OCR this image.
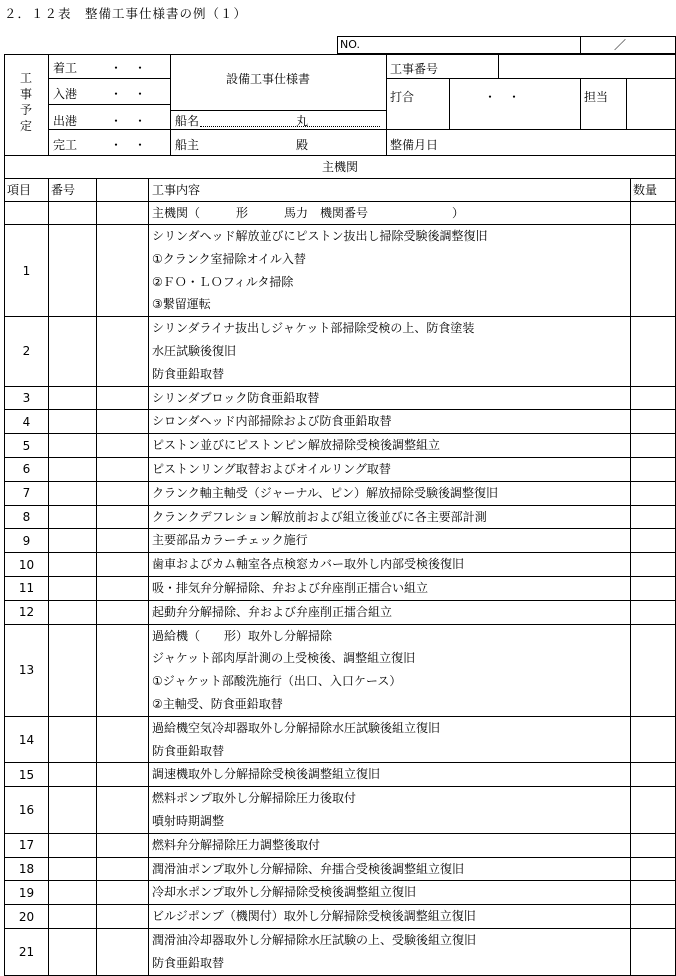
２．１２表　整備工事仕様書の例（１）
NO.	／
工事予定
着工	・　・
入港	・　・
出港	・　・
完工	・　・
設備工事仕様書
船名	丸
船主	殿
工事番号
打合	・　・	担当
整備月日
主機関				
項目	番号		工事内容	数量
			主機関（　　　形　　　馬力　機関番号　　　　　　　）	
1			シリンダヘッド解放並びにピストン抜出し掃除受験後調整復旧
①クランク室掃除オイル入替
②ＦＯ・ＬＯフィルタ掃除
③繋留運転	

2			シリンダライナ抜出しジャケット部掃除受検の上、防食塗装
水圧試験後復旧
防食亜鉛取替	

3			シリンダブロック防食亜鉛取替	

4			シロンダヘッド内部掃除および防食亜鉛取替	

5			ピストン並びにピストンピン解放掃除受検後調整組立	

6			ピストンリング取替およびオイルリング取替	

7			クランク軸主軸受（ジャーナル、ピン）解放掃除受験後調整復旧	

8			クランクデフレション解放前および組立後並びに各主要部計測	

9			主要部品カラーチェック施行	

10			歯車およびカム軸室各点検窓カバー取外し内部受検後復旧	

11			吸・排気弁分解掃除、弁および弁座削正擂合い組立	

12			起動弁分解掃除、弁および弁座削正擂合組立	

13			過給機（　　形）取外し分解掃除
ジャケット部肉厚計測の上受検後、調整組立復旧
①ジャケット部酸洗施行（出口、入口ケース）
②主軸受、防食亜鉛取替	

14			過給機空気冷却器取外し分解掃除水圧試験後組立復旧
防食亜鉛取替	

15			調速機取外し分解掃除受検後調整組立復旧	

16			燃料ポンプ取外し分解掃除圧力後取付
噴射時期調整	

17			燃料弁分解掃除圧力調整後取付	

18			潤滑油ポンプ取外し分解掃除、弁擂合受検後調整組立復旧	

19			冷却水ポンプ取外し分解掃除受検後調整組立復旧	

20			ビルジポンプ（機関付）取外し分解掃除受検後調整組立復旧	

21			潤滑油冷却器取外し分解掃除水圧試験の上、受験後組立復旧
防食亜鉛取替	
